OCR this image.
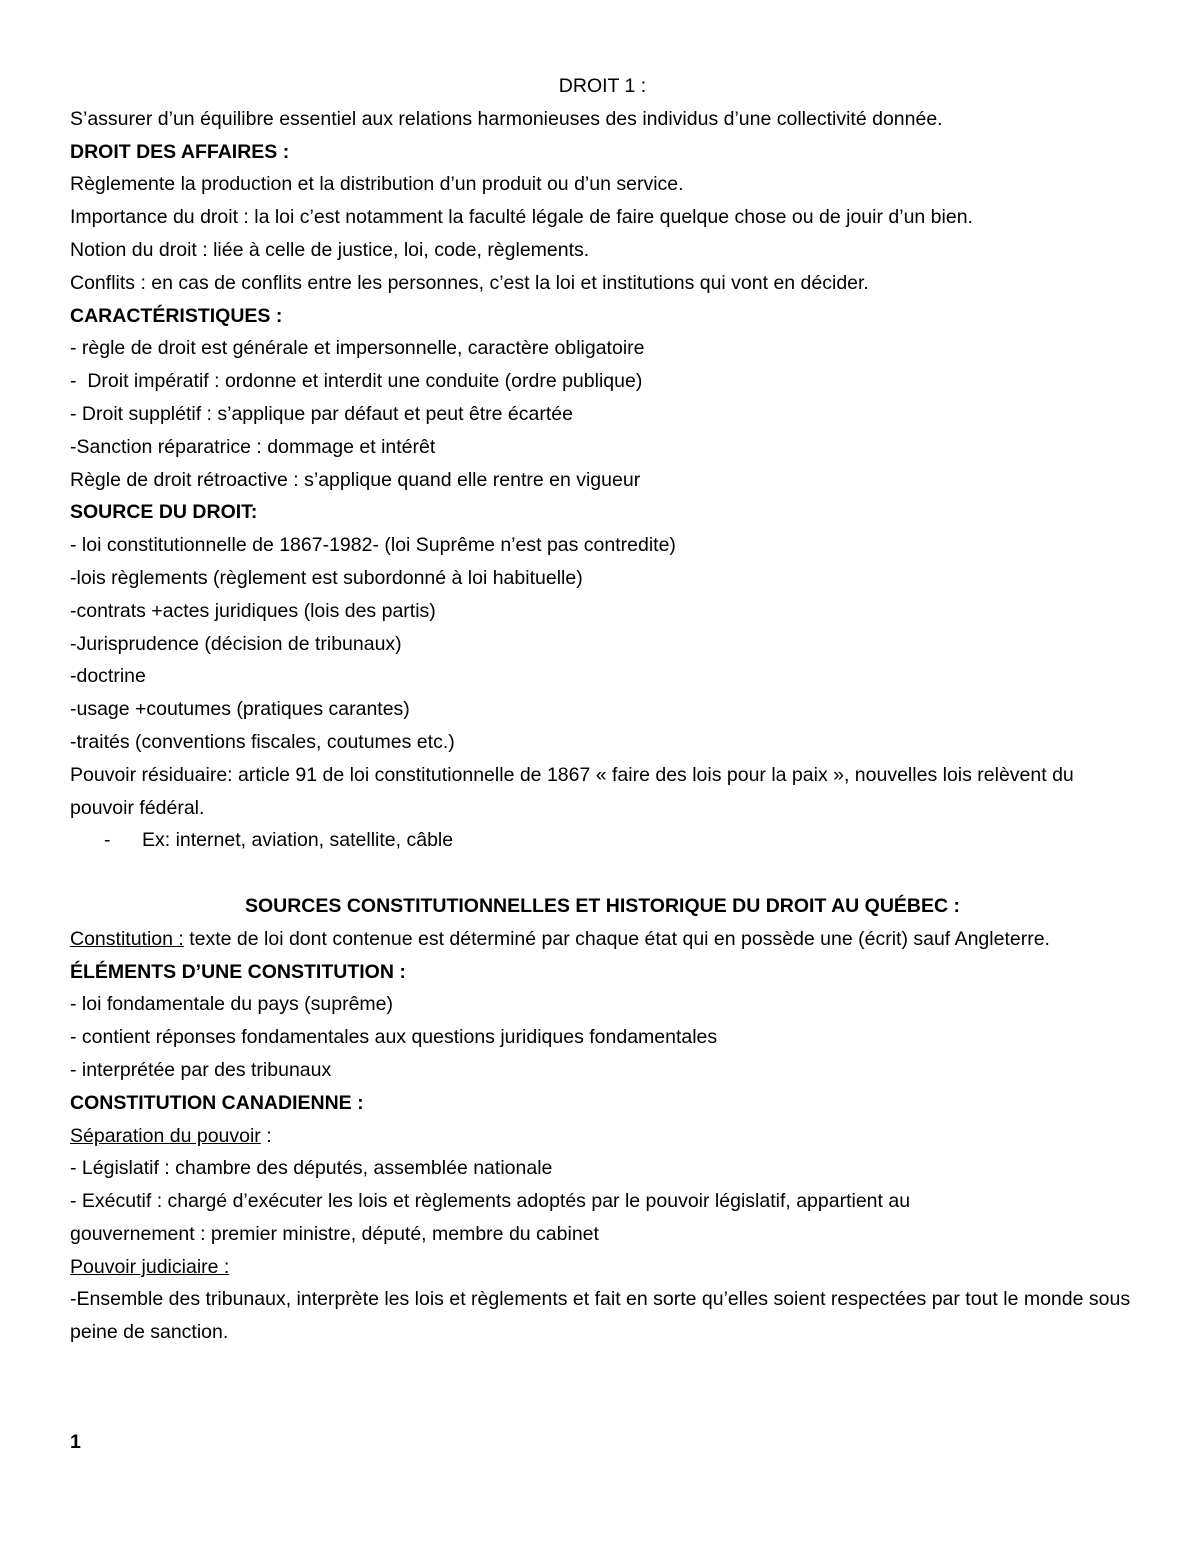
DROIT 1 :

S’assurer d’un équilibre essentiel aux relations harmonieuses des individus d’une collectivité donnée.

DROIT DES AFFAIRES :

Règlemente la production et la distribution d’un produit ou d’un service.

Importance du droit : la loi c’est notamment la faculté légale de faire quelque chose ou de jouir d’un bien.

Notion du droit : liée à celle de justice, loi, code, règlements.

Conflits : en cas de conflits entre les personnes, c’est la loi et institutions qui vont en décider.

CARACTÉRISTIQUES :

- règle de droit est générale et impersonnelle, caractère obligatoire

-  Droit impératif : ordonne et interdit une conduite (ordre publique)

- Droit supplétif : s’applique par défaut et peut être écartée

-Sanction réparatrice : dommage et intérêt

Règle de droit rétroactive : s’applique quand elle rentre en vigueur

SOURCE DU DROIT:

- loi constitutionnelle de 1867-1982- (loi Suprême n’est pas contredite)

-lois règlements (règlement est subordonné à loi habituelle)

-contrats +actes juridiques (lois des partis)

-Jurisprudence (décision de tribunaux)

-doctrine

-usage +coutumes (pratiques carantes)

-traités (conventions fiscales, coutumes etc.)

Pouvoir résiduaire: article 91 de loi constitutionnelle de 1867 « faire des lois pour la paix », nouvelles lois relèvent du pouvoir fédéral.

- Ex: internet, aviation, satellite, câble

SOURCES CONSTITUTIONNELLES ET HISTORIQUE DU DROIT AU QUÉBEC :

Constitution : texte de loi dont contenue est déterminé par chaque état qui en possède une (écrit) sauf Angleterre.

ÉLÉMENTS D’UNE CONSTITUTION :

- loi fondamentale du pays (suprême)

- contient réponses fondamentales aux questions juridiques fondamentales

- interprétée par des tribunaux

CONSTITUTION CANADIENNE :

Séparation du pouvoir :

- Législatif : chambre des députés, assemblée nationale

- Exécutif : chargé d’exécuter les lois et règlements adoptés par le pouvoir législatif, appartient au gouvernement : premier ministre, député, membre du cabinet

Pouvoir judiciaire :

-Ensemble des tribunaux, interprète les lois et règlements et fait en sorte qu’elles soient respectées par tout le monde sous peine de sanction.

1
